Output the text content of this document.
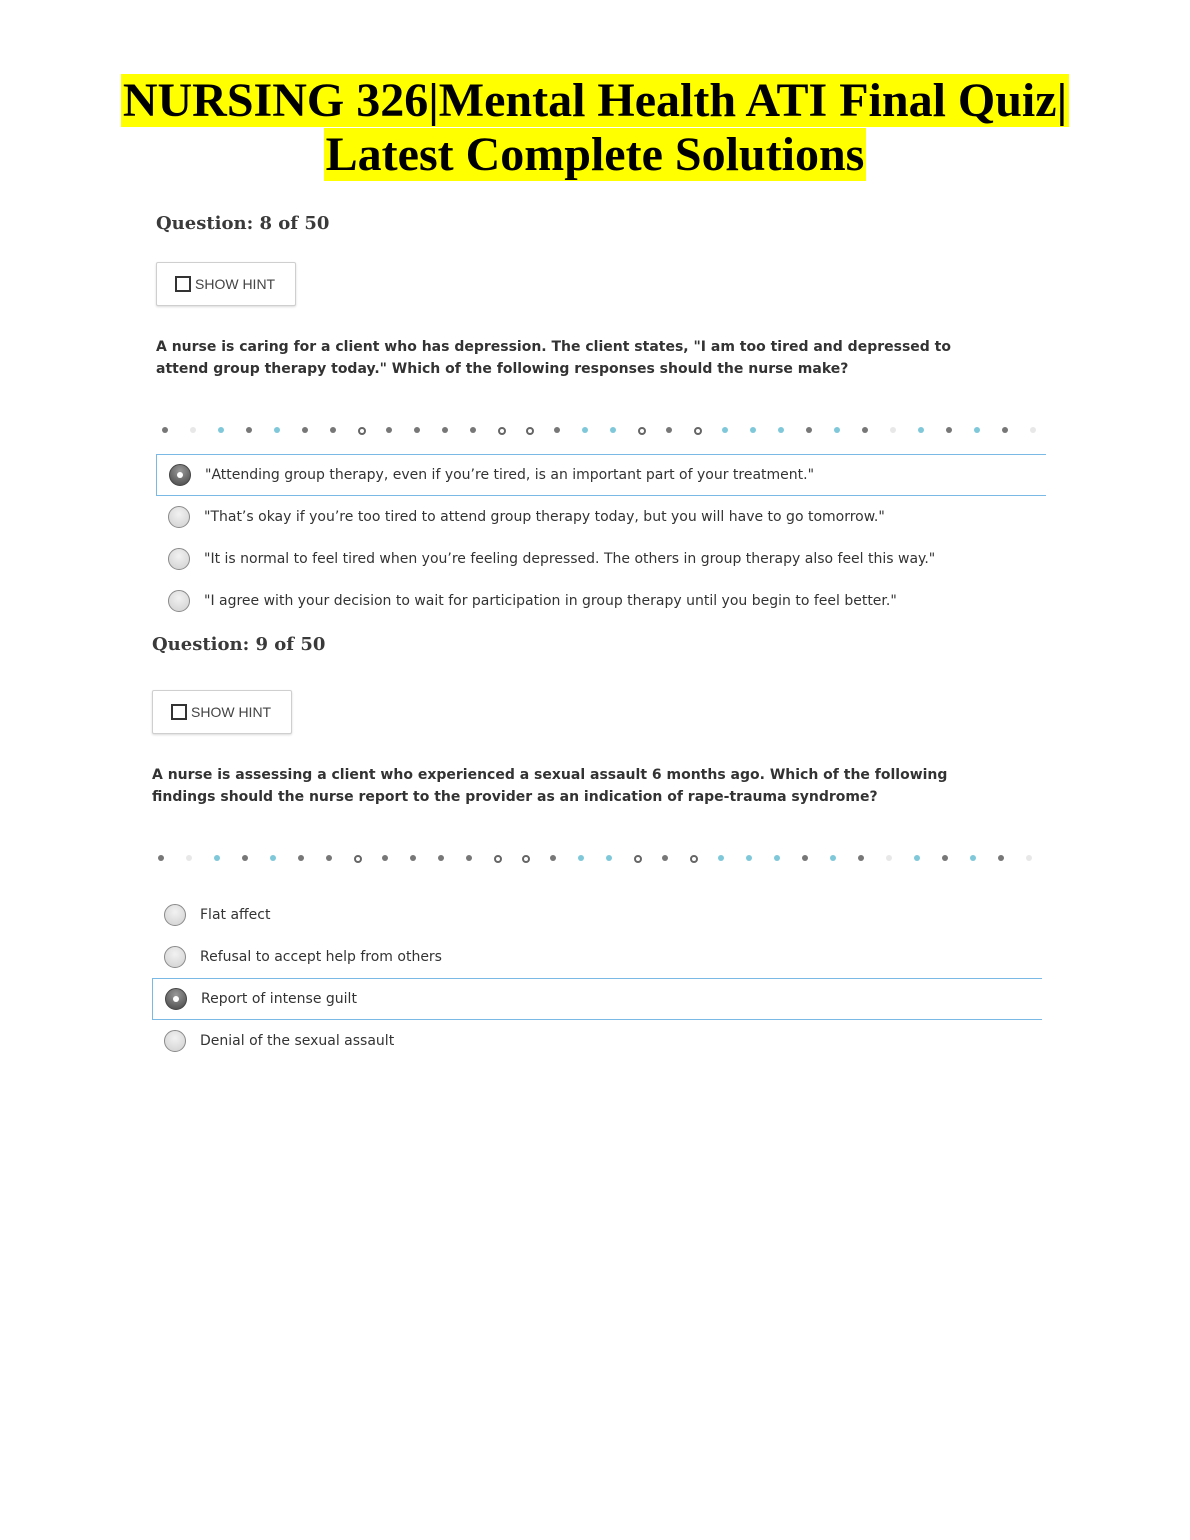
NURSING 326|Mental Health ATI Final Quiz|
Latest Complete Solutions
Question: 8 of 50
SHOW HINT
A nurse is caring for a client who has depression. The client states, "I am too tired and depressed to attend group therapy today." Which of the following responses should the nurse make?
"Attending group therapy, even if you’re tired, is an important part of your treatment."
"That’s okay if you’re too tired to attend group therapy today, but you will have to go tomorrow."
"It is normal to feel tired when you’re feeling depressed. The others in group therapy also feel this way."
"I agree with your decision to wait for participation in group therapy until you begin to feel better."
Question: 9 of 50
SHOW HINT
A nurse is assessing a client who experienced a sexual assault 6 months ago. Which of the following findings should the nurse report to the provider as an indication of rape-trauma syndrome?
Flat affect
Refusal to accept help from others
Report of intense guilt
Denial of the sexual assault
